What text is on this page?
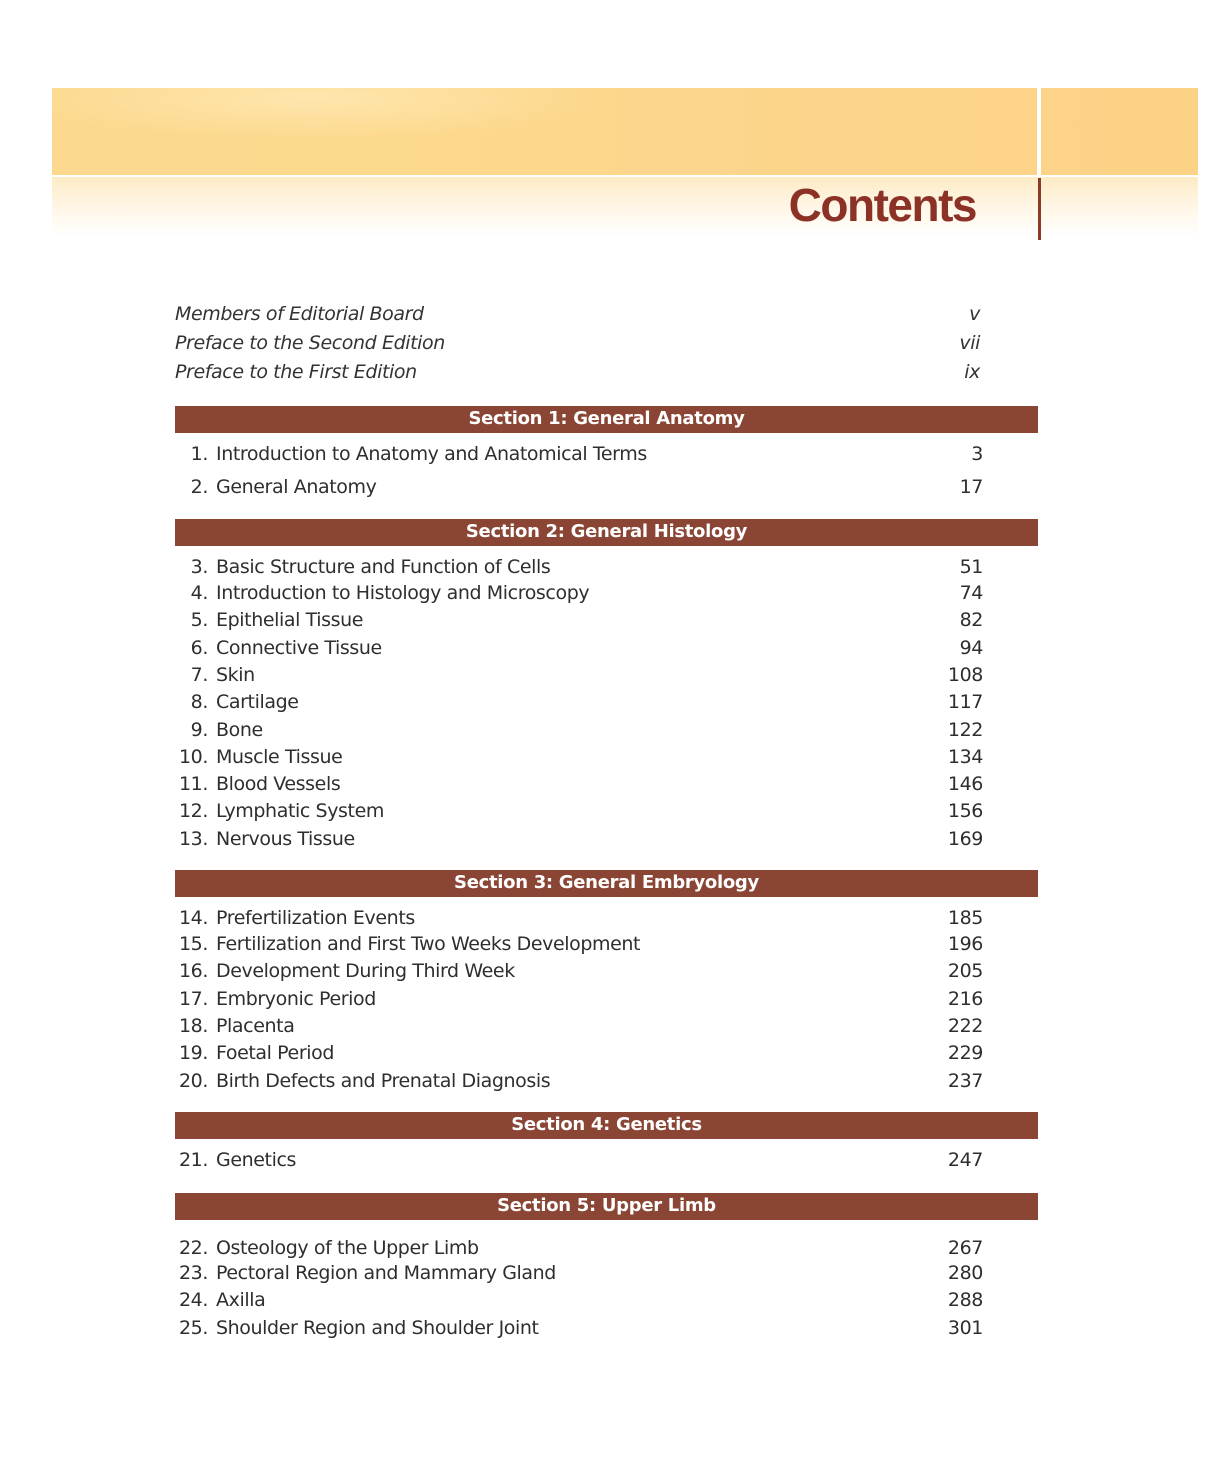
Contents
Members of Editorial Board	v
Preface to the Second Edition	vii
Preface to the First Edition	ix
Section 1: General Anatomy
1. Introduction to Anatomy and Anatomical Terms	3
2. General Anatomy	17
Section 2: General Histology
3. Basic Structure and Function of Cells	51
4. Introduction to Histology and Microscopy	74
5. Epithelial Tissue	82
6. Connective Tissue	94
7. Skin	108
8. Cartilage	117
9. Bone	122
10. Muscle Tissue	134
11. Blood Vessels	146
12. Lymphatic System	156
13. Nervous Tissue	169
Section 3: General Embryology
14. Prefertilization Events	185
15. Fertilization and First Two Weeks Development	196
16. Development During Third Week	205
17. Embryonic Period	216
18. Placenta	222
19. Foetal Period	229
20. Birth Defects and Prenatal Diagnosis	237
Section 4: Genetics
21. Genetics	247
Section 5: Upper Limb
22. Osteology of the Upper Limb	267
23. Pectoral Region and Mammary Gland	280
24. Axilla	288
25. Shoulder Region and Shoulder Joint	301
